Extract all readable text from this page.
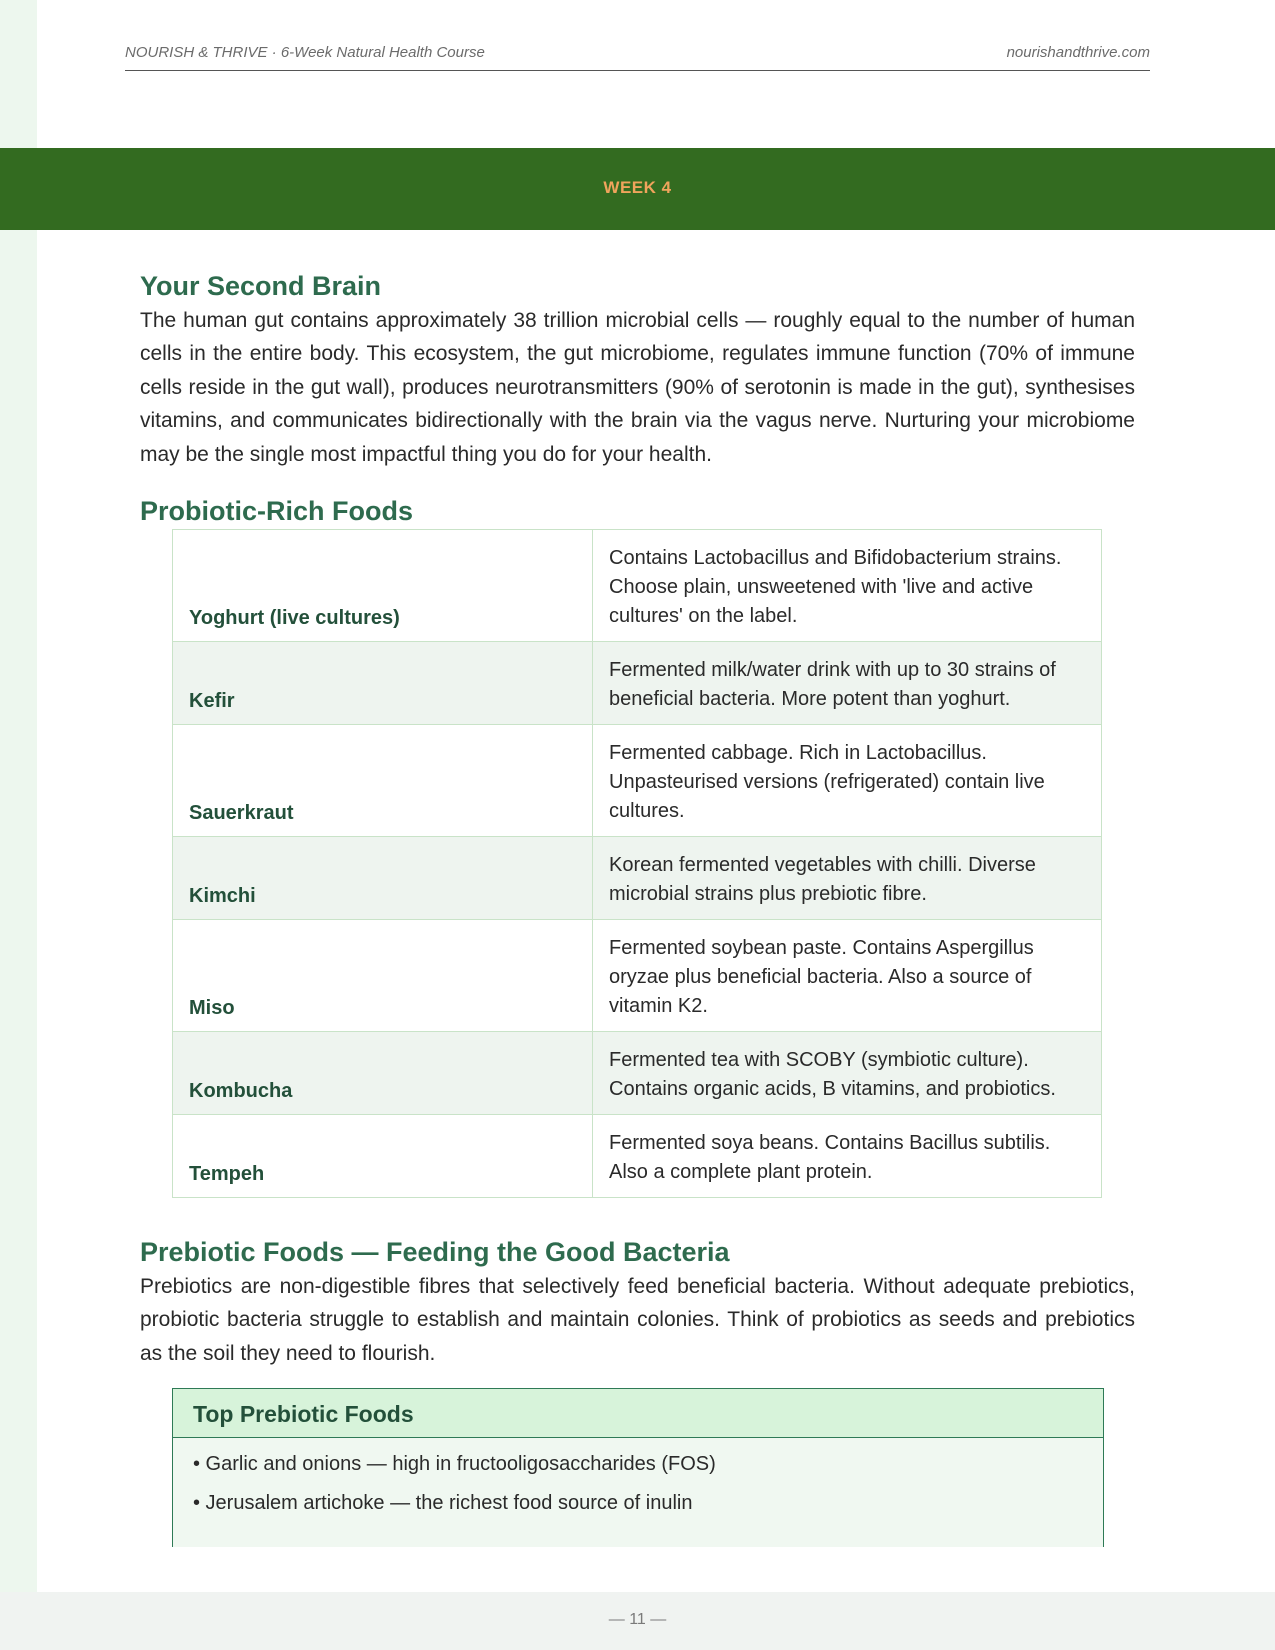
NOURISH & THRIVE · 6-Week Natural Health Course	nourishandthrive.com
WEEK 4
Your Second Brain

The human gut contains approximately 38 trillion microbial cells — roughly equal to the number of human cells in the entire body. This ecosystem, the gut microbiome, regulates immune function (70% of immune cells reside in the gut wall), produces neurotransmitters (90% of serotonin is made in the gut), synthesises vitamins, and communicates bidirectionally with the brain via the vagus nerve. Nurturing your microbiome may be the single most impactful thing you do for your health.

Probiotic-Rich Foods
Yoghurt (live cultures)	Contains Lactobacillus and Bifidobacterium strains. Choose plain, unsweetened with 'live and active cultures' on the label.
Kefir	Fermented milk/water drink with up to 30 strains of beneficial bacteria. More potent than yoghurt.
Sauerkraut	Fermented cabbage. Rich in Lactobacillus. Unpasteurised versions (refrigerated) contain live cultures.
Kimchi	Korean fermented vegetables with chilli. Diverse microbial strains plus prebiotic fibre.
Miso	Fermented soybean paste. Contains Aspergillus oryzae plus beneficial bacteria. Also a source of vitamin K2.
Kombucha	Fermented tea with SCOBY (symbiotic culture). Contains organic acids, B vitamins, and probiotics.
Tempeh	Fermented soya beans. Contains Bacillus subtilis. Also a complete plant protein.
Prebiotic Foods — Feeding the Good Bacteria

Prebiotics are non-digestible fibres that selectively feed beneficial bacteria. Without adequate prebiotics, probiotic bacteria struggle to establish and maintain colonies. Think of probiotics as seeds and prebiotics as the soil they need to flourish.

Top Prebiotic Foods
• Garlic and onions — high in fructooligosaccharides (FOS)
• Jerusalem artichoke — the richest food source of inulin
— 11 —
